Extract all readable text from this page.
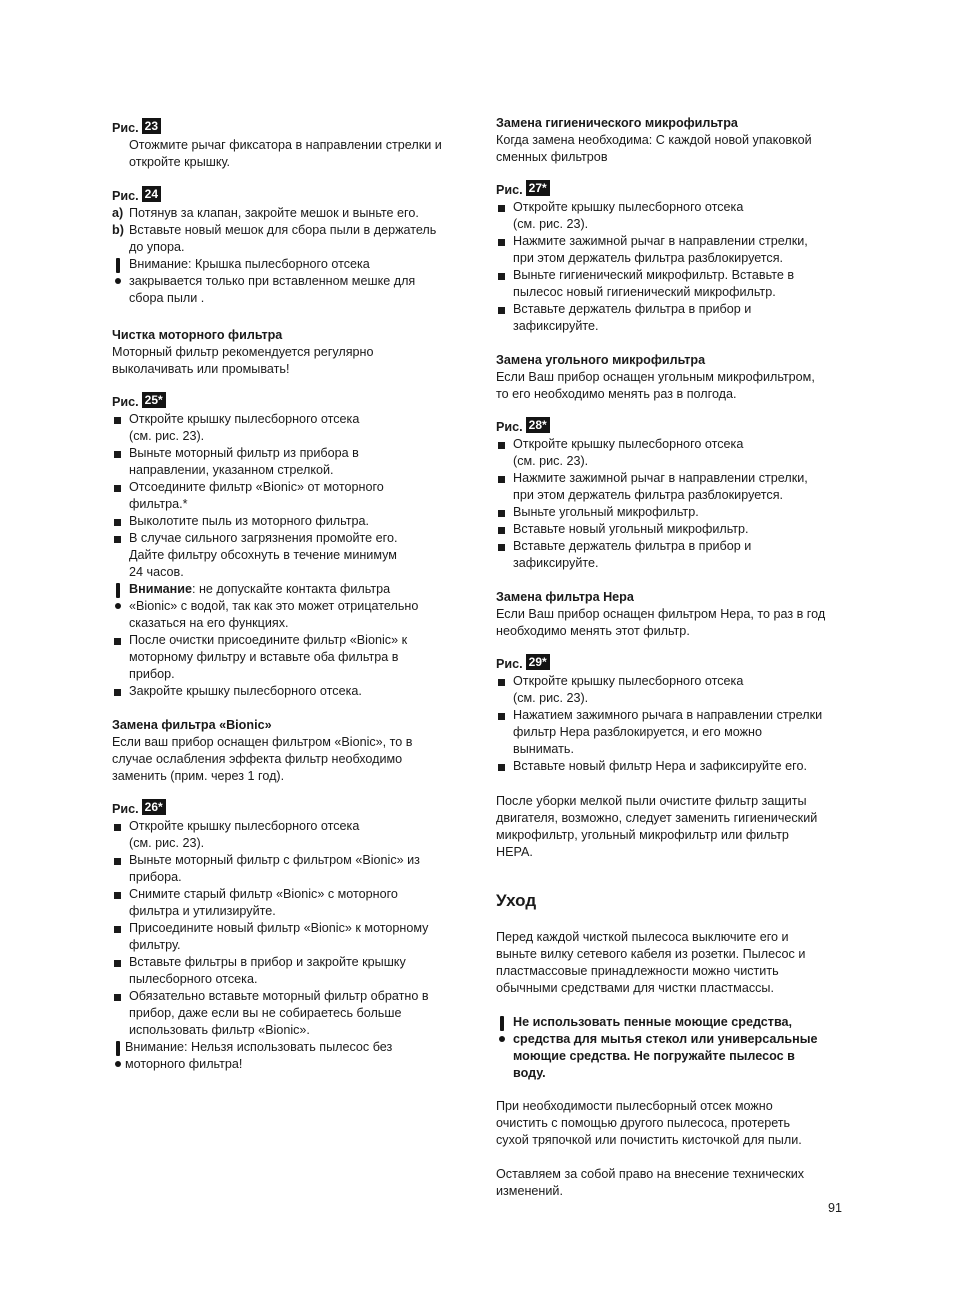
Рис. 23
Отожмите рычаг фиксатора в направлении стрелки и
откройте крышку.
Рис. 24
a) Потянув за клапан, закройте мешок и выньте его.
b) Вставьте новый мешок для сбора пыли в держатель
до упора.
Внимание: Крышка пылесборного отсека
закрывается только при вставленном мешке для
сбора пыли .
Чистка моторного фильтра
Моторный фильтр рекомендуется регулярно
выколачивать или промывать!
Рис. 25*
Откройте крышку пылесборного отсека
(см. рис. 23).
Выньте моторный фильтр из прибора в
направлении, указанном стрелкой.
Отсоедините фильтр «Bionic» от моторного
фильтра.*
Выколотите пыль из моторного фильтра.
В случае сильного загрязнения промойте его.
Дайте фильтру обсохнуть в течение минимум
24 часов.
Внимание: не допускайте контакта фильтра
«Bionic» с водой, так как это может отрицательно
сказаться на его функциях.
После очистки присоедините фильтр «Bionic» к
моторному фильтру и вставьте оба фильтра в
прибор.
Закройте крышку пылесборного отсека.
Замена фильтра «Bionic»
Если ваш прибор оснащен фильтром «Bionic», то в
случае ослабления эффекта фильтр необходимо
заменить (прим. через 1 год).
Рис. 26*
Откройте крышку пылесборного отсека
(см. рис. 23).
Выньте моторный фильтр с фильтром «Bionic» из
прибора.
Снимите старый фильтр «Bionic» с моторного
фильтра и утилизируйте.
Присоедините новый фильтр «Bionic» к моторному
фильтру.
Вставьте фильтры в прибор и закройте крышку
пылесборного отсека.
Обязательно вставьте моторный фильтр обратно в
прибор, даже если вы не собираетесь больше
использовать фильтр «Bionic».
Внимание: Нельзя использовать пылесос без
моторного фильтра!
Замена гигиенического микрофильтра
Когда замена необходима: С каждой новой упаковкой
сменных фильтров
Рис. 27*
Откройте крышку пылесборного отсека
(см. рис. 23).
Нажмите зажимной рычаг в направлении стрелки,
при этом держатель фильтра разблокируется.
Выньте гигиенический микрофильтр. Вставьте в
пылесос новый гигиенический микрофильтр.
Вставьте держатель фильтра в прибор и
зафиксируйте.
Замена угольного микрофильтра
Если Ваш прибор оснащен угольным микрофильтром,
то его необходимо менять раз в полгода.
Рис. 28*
Откройте крышку пылесборного отсека
(см. рис. 23).
Нажмите зажимной рычаг в направлении стрелки,
при этом держатель фильтра разблокируется.
Выньте угольный микрофильтр.
Вставьте новый угольный микрофильтр.
Вставьте держатель фильтра в прибор и
зафиксируйте.
Замена фильтра Hepa
Если Ваш прибор оснащен фильтром Hepa, то раз в год
необходимо менять этот фильтр.
Рис. 29*
Откройте крышку пылесборного отсека
(см. рис. 23).
Нажатием зажимного рычага в направлении стрелки
фильтр Hepa разблокируется, и его можно
вынимать.
Вставьте новый фильтр Hepa и зафиксируйте его.
После уборки мелкой пыли очистите фильтр защиты
двигателя, возможно, следует заменить гигиенический
микрофильтр, угольный микрофильтр или фильтр
HEPA.
Уход
Перед каждой чисткой пылесоса выключите его и
выньте вилку сетевого кабеля из розетки. Пылесос и
пластмассовые принадлежности можно чистить
обычными средствами для чистки пластмассы.
Не использовать пенные моющие средства,
средства для мытья стекол или универсальные
моющие средства. Не погружайте пылесос в
воду.
При необходимости пылесборный отсек можно
очистить с помощью другого пылесоса, протереть
сухой тряпочкой или почистить кисточкой для пыли.
Оставляем за собой право на внесение технических
изменений.
91
